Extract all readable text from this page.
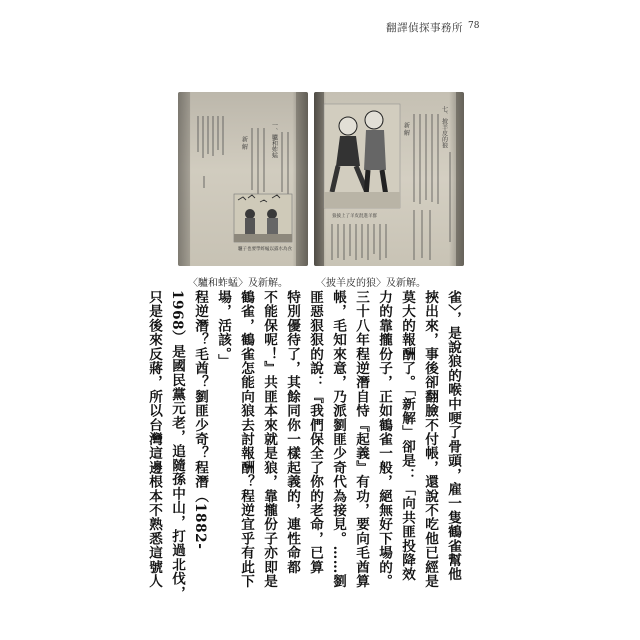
翻譯偵探事務所 78
一、驢和蚱蜢
新 解
驢子也要學蚱蜢以露水為食
狼披上了羊皮混進羊群
新 解	七、披羊皮的狼
〈驢和蚱蜢〉及新解。	〈披羊皮的狼〉及新解。
雀〉，是說狼的喉中哽了骨頭，雇一隻鶴雀幫他
挾出來，事後卻翻臉不付帳，還說不吃他已經是
莫大的報酬了。「新解」卻是：「向共匪投降效
力的靠攏份子，正如鶴雀一般，絕無好下場的。
三十八年程逆潛自恃『起義』有功，要向毛酋算
帳，毛知來意，乃派劉匪少奇代為接見。……劉
匪惡狠狠的說：『我們保全了你的老命，已算
特別優待了，其餘同你一樣起義的，連性命都
不能保呢！』共匪本來就是狼，靠攏份子亦即是
鶴雀，鶴雀怎能向狼去討報酬？程逆宜乎有此下
場，活該。」
程逆潛？毛酋？劉匪少奇？程潛（1882-
1968）是國民黨元老，追隨孫中山，打過北伐，
只是後來反蔣，所以台灣這邊根本不熟悉這號人
